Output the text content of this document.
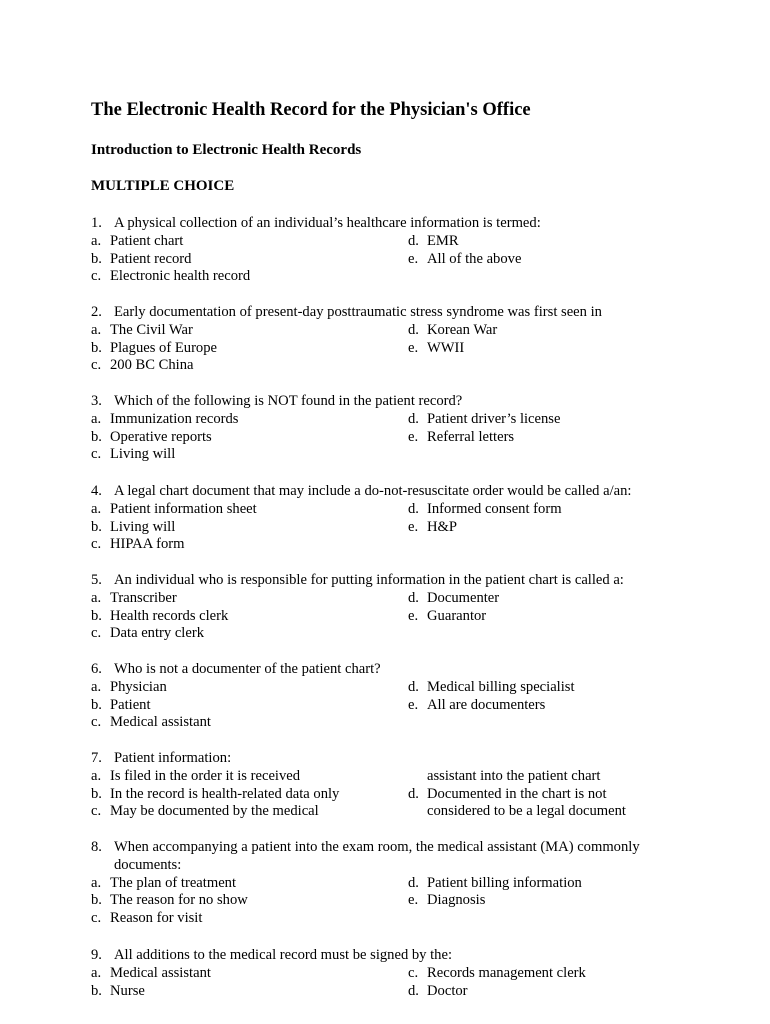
The Electronic Health Record for the Physician's Office
Introduction to Electronic Health Records
MULTIPLE CHOICE
1. A physical collection of an individual’s healthcare information is termed:
a. Patient chart
b. Patient record
c. Electronic health record
d. EMR
e. All of the above
2. Early documentation of present-day posttraumatic stress syndrome was first seen in
a. The Civil War
b. Plagues of Europe
c. 200 BC China
d. Korean War
e. WWII
3. Which of the following is NOT found in the patient record?
a. Immunization records
b. Operative reports
c. Living will
d. Patient driver’s license
e. Referral letters
4. A legal chart document that may include a do-not-resuscitate order would be called a/an:
a. Patient information sheet
b. Living will
c. HIPAA form
d. Informed consent form
e. H&P
5. An individual who is responsible for putting information in the patient chart is called a:
a. Transcriber
b. Health records clerk
c. Data entry clerk
d. Documenter
e. Guarantor
6. Who is not a documenter of the patient chart?
a. Physician
b. Patient
c. Medical assistant
d. Medical billing specialist
e. All are documenters
7. Patient information:
a. Is filed in the order it is received
b. In the record is health-related data only
c. May be documented by the medical
assistant into the patient chart
d. Documented in the chart is not
considered to be a legal document
8. When accompanying a patient into the exam room, the medical assistant (MA) commonly
documents:
a. The plan of treatment
b. The reason for no show
c. Reason for visit
d. Patient billing information
e. Diagnosis
9. All additions to the medical record must be signed by the:
a. Medical assistant
b. Nurse
c. Records management clerk
d. Doctor
